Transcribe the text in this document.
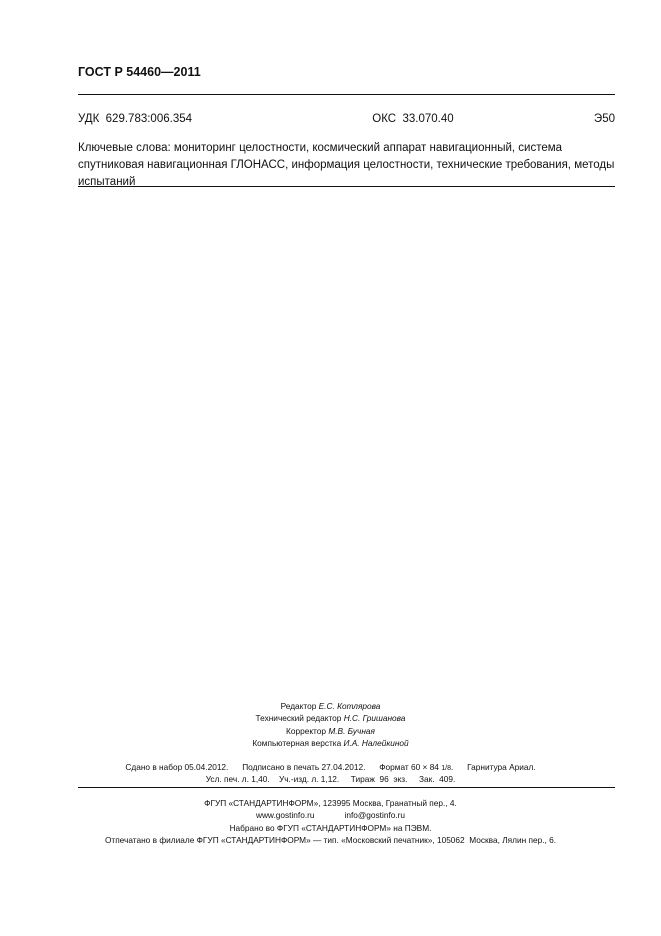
ГОСТ Р 54460—2011
УДК  629.783:006.354	ОКС  33.070.40	Э50
Ключевые слова: мониторинг целостности, космический аппарат навигационный, система спутниковая навигационная ГЛОНАСС, информация целостности, технические требования, методы испытаний
Редактор Е.С. Котлярова
Технический редактор Н.С. Гришанова
Корректор М.В. Бучная
Компьютерная верстка И.А. Налейкиной
Сдано в набор 05.04.2012. Подписано в печать 27.04.2012. Формат 60 × 84 1/8.      Гарнитура Ариал.
Усл. печ. л. 1,40. Уч.-изд. л. 1,12. Тираж  96  экз. Зак.  409.
ФГУП «СТАНДАРТИНФОРМ», 123995 Москва, Гранатный пер., 4.
www.gostinfo.ru	info@gostinfo.ru
Набрано во ФГУП «СТАНДАРТИНФОРМ» на ПЭВМ.
Отпечатано в филиале ФГУП «СТАНДАРТИНФОРМ» — тип. «Московский печатник», 105062  Москва, Лялин пер., 6.
